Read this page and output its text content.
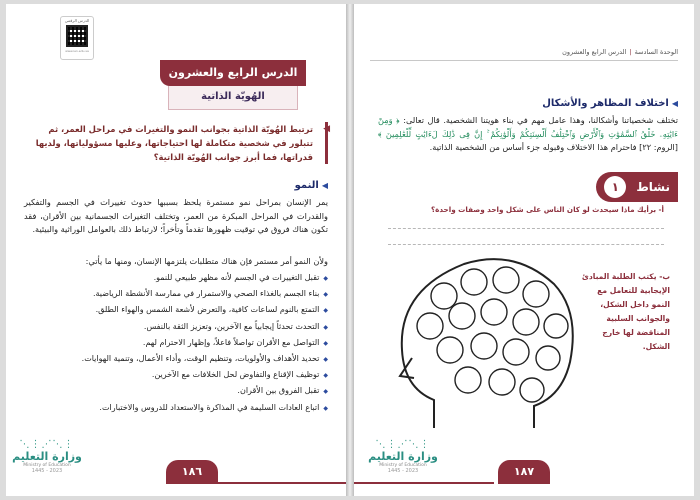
الدرس الرقمي
www.ien.edu.sa
الدرس الرابع والعشرون
الهُويّة الذاتية
◀
ترتبط الهُويّة الذاتية بجوانب النمو والتغيرات في مراحل العمر، ثم تتبلور في شخصية متكاملة لها احتياجاتها، وعليها مسؤولياتها، ولديها قدراتها، فما أبرز جوانب الهُويّة الذاتية؟
◀النمو
يمر الإنسان بمراحل نمو مستمرة يلحظ بسببها حدوث تغييرات في الجسم والتفكير والقدرات في المراحل المبكرة من العمر، وتختلف التغيرات الجسمانية بين الأقران، فقد تكون هناك فروق في توقيت ظهورها تقدماً وتأخراً؛ لارتباط ذلك بالعوامل الوراثية والبيئية.
ولأن النمو أمر مستمر فإن هناك متطلبات يلتزمها الإنسان، ومنها ما يأتي:
◆ تقبل التغييرات في الجسم لأنه مظهر طبيعي للنمو.
◆ بناء الجسم بالغذاء الصحي والاستمرار في ممارسة الأنشطة الرياضية.
◆ التمتع بالنوم لساعات كافية، والتعرض لأشعة الشمس والهواء الطلق.
◆ التحدث تحدثاً إيجابياً مع الآخرين، وتعزيز الثقة بالنفس.
◆ التواصل مع الأقران تواصلاً فاعلاً، وإظهار الاحترام لهم.
◆ تحديد الأهداف والأولويات، وتنظيم الوقت، وأداء الأعمال، وتنمية الهوايات.
◆ توظيف الإقناع والتفاوض لحل الخلافات مع الآخرين.
◆ تقبل الفروق بين الأقران.
◆ اتباع العادات السليمة في المذاكرة والاستعداد للدروس والاختبارات.
⋮⋰⋱⋮⋰
وزارة التعليم
Ministry of Education
2023 - 1445	١٨٦
الوحدة السادسة|الدرس الرابع والعشرون
◀اختلاف المظاهر والأشكال
تختلف شخصياتنا وأشكالنا، وهذا عامل مهم في بناء هويتنا الشخصية. قال تعالى: ﴿ وَمِنْ ءَايَٰتِهِۦ خَلْقُ ٱلسَّمَٰوَٰتِ وَٱلْأَرْضِ وَٱخْتِلَٰفُ أَلْسِنَتِكُمْ وَأَلْوَٰنِكُمْ ۚ إِنَّ فِى ذَٰلِكَ لَءَايَٰتٍ لِّلْعَٰلِمِينَ ﴾ [الروم: ٢٢] فاحترام هذا الاختلاف وقبوله جزء أساس من الشخصية الذاتية.
نشاط١
أ- برأيك ماذا سيحدث لو كان الناس على شكل واحد وصفات واحدة؟
ب- يكتب الطلبة المبادئ الإيجابية للتعامل مع النمو داخل الشكل، والجوانب السلبية المناقضة لها خارج الشكل.
⋮⋰⋱⋮⋰
وزارة التعليم
Ministry of Education
2023 - 1445	١٨٧
